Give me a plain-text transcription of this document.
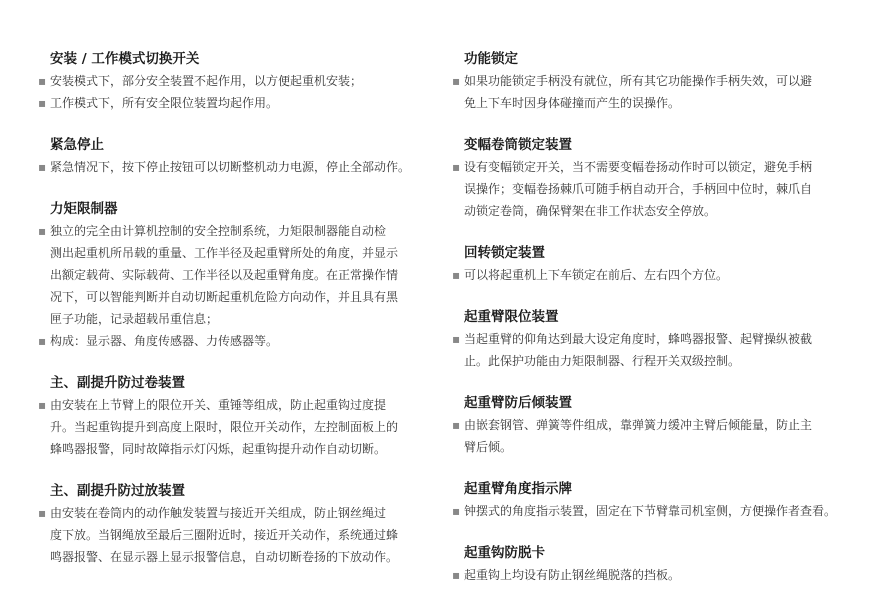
安装 / 工作模式切换开关
▪ 安装模式下，部分安全装置不起作用，以方便起重机安装；
▪ 工作模式下，所有安全限位装置均起作用。
紧急停止
▪ 紧急情况下，按下停止按钮可以切断整机动力电源，停止全部动作。
力矩限制器
▪ 独立的完全由计算机控制的安全控制系统，力矩限制器能自动检
测出起重机所吊载的重量、工作半径及起重臂所处的角度，并显示
出额定载荷、实际载荷、工作半径以及起重臂角度。在正常操作情
况下，可以智能判断并自动切断起重机危险方向动作，并且具有黑
匣子功能，记录超载吊重信息；
▪ 构成：显示器、角度传感器、力传感器等。
主、副提升防过卷装置
▪ 由安装在上节臂上的限位开关、重锤等组成，防止起重钩过度提
升。当起重钩提升到高度上限时，限位开关动作，左控制面板上的
蜂鸣器报警，同时故障指示灯闪烁，起重钩提升动作自动切断。
主、副提升防过放装置
▪ 由安装在卷筒内的动作触发装置与接近开关组成，防止钢丝绳过
度下放。当钢绳放至最后三圈附近时，接近开关动作，系统通过蜂
鸣器报警、在显示器上显示报警信息，自动切断卷扬的下放动作。
功能锁定
▪ 如果功能锁定手柄没有就位，所有其它功能操作手柄失效，可以避
免上下车时因身体碰撞而产生的误操作。
变幅卷筒锁定装置
▪ 设有变幅锁定开关，当不需要变幅卷扬动作时可以锁定，避免手柄
误操作；变幅卷扬棘爪可随手柄自动开合，手柄回中位时，棘爪自
动锁定卷筒，确保臂架在非工作状态安全停放。
回转锁定装置
▪ 可以将起重机上下车锁定在前后、左右四个方位。
起重臂限位装置
▪ 当起重臂的仰角达到最大设定角度时，蜂鸣器报警、起臂操纵被截
止。此保护功能由力矩限制器、行程开关双级控制。
起重臂防后倾装置
▪ 由嵌套钢管、弹簧等件组成，靠弹簧力缓冲主臂后倾能量，防止主
臂后倾。
起重臂角度指示牌
▪ 钟摆式的角度指示装置，固定在下节臂靠司机室侧，方便操作者查看。
起重钩防脱卡
▪ 起重钩上均设有防止钢丝绳脱落的挡板。
